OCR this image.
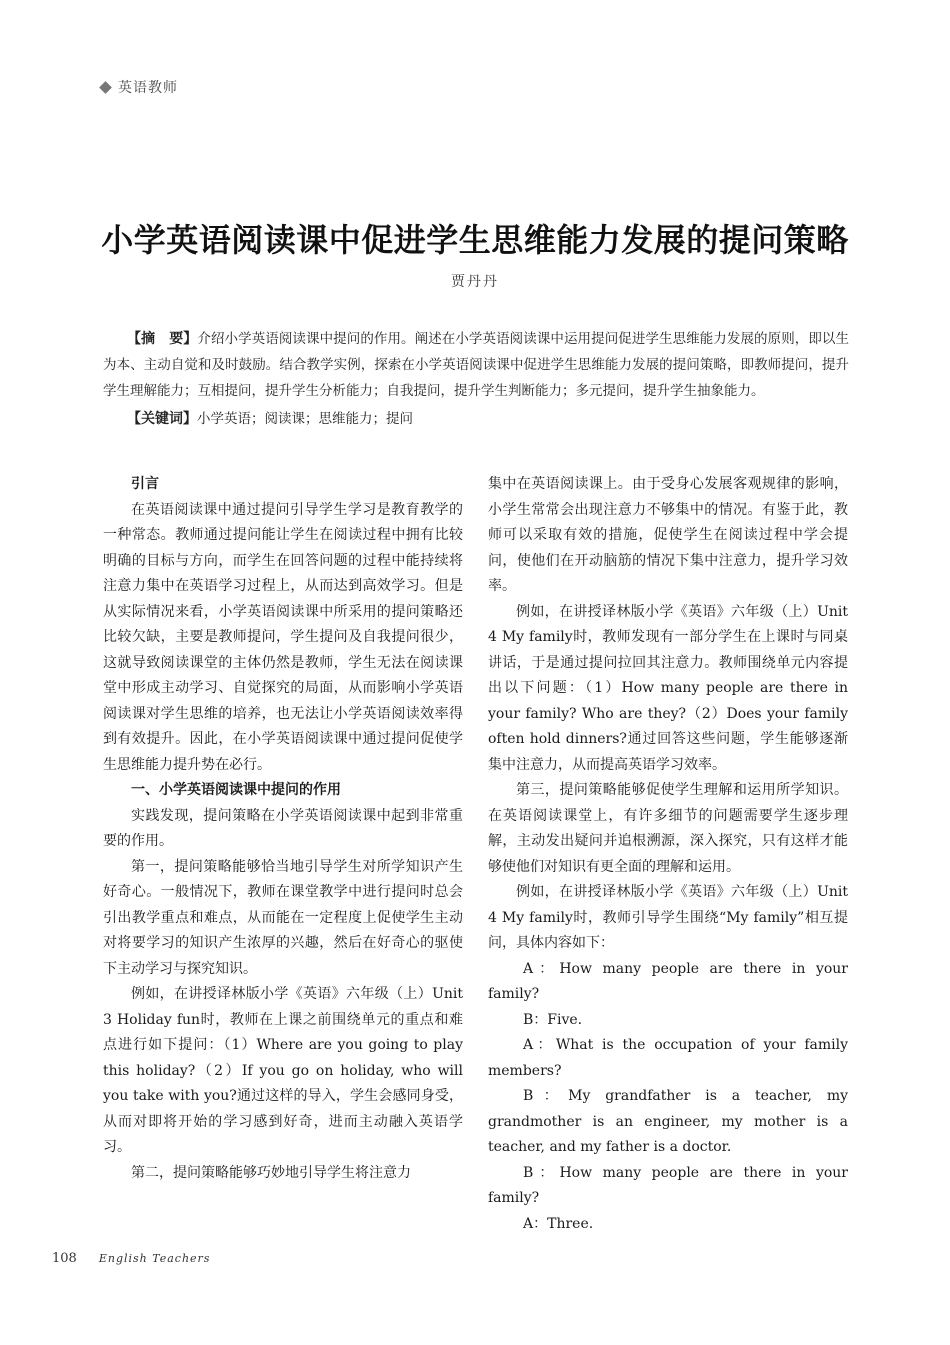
英语教师
小学英语阅读课中促进学生思维能力发展的提问策略
贾丹丹

【摘　要】介绍小学英语阅读课中提问的作用。阐述在小学英语阅读课中运用提问促进学生思维能力发展的原则，即以生为本、主动自觉和及时鼓励。结合教学实例，探索在小学英语阅读课中促进学生思维能力发展的提问策略，即教师提问，提升学生理解能力；互相提问，提升学生分析能力；自我提问，提升学生判断能力；多元提问，提升学生抽象能力。

【关键词】小学英语；阅读课；思维能力；提问

引言

在英语阅读课中通过提问引导学生学习是教育教学的一种常态。教师通过提问能让学生在阅读过程中拥有比较明确的目标与方向，而学生在回答问题的过程中能持续将注意力集中在英语学习过程上，从而达到高效学习。但是从实际情况来看，小学英语阅读课中所采用的提问策略还比较欠缺，主要是教师提问，学生提问及自我提问很少，这就导致阅读课堂的主体仍然是教师，学生无法在阅读课堂中形成主动学习、自觉探究的局面，从而影响小学英语阅读课对学生思维的培养，也无法让小学英语阅读效率得到有效提升。因此，在小学英语阅读课中通过提问促使学生思维能力提升势在必行。

一、小学英语阅读课中提问的作用

实践发现，提问策略在小学英语阅读课中起到非常重要的作用。

第一，提问策略能够恰当地引导学生对所学知识产生好奇心。一般情况下，教师在课堂教学中进行提问时总会引出教学重点和难点，从而能在一定程度上促使学生主动对将要学习的知识产生浓厚的兴趣，然后在好奇心的驱使下主动学习与探究知识。

例如，在讲授译林版小学《英语》六年级（上）Unit 3 Holiday fun时，教师在上课之前围绕单元的重点和难点进行如下提问：（1）Where are you going to play this holiday?（2）If you go on holiday, who will you take with you?通过这样的导入，学生会感同身受，从而对即将开始的学习感到好奇，进而主动融入英语学习。

第二，提问策略能够巧妙地引导学生将注意力

集中在英语阅读课上。由于受身心发展客观规律的影响，小学生常常会出现注意力不够集中的情况。有鉴于此，教师可以采取有效的措施，促使学生在阅读过程中学会提问，使他们在开动脑筋的情况下集中注意力，提升学习效率。

例如，在讲授译林版小学《英语》六年级（上）Unit 4 My family时，教师发现有一部分学生在上课时与同桌讲话，于是通过提问拉回其注意力。教师围绕单元内容提出以下问题：（1）How many people are there in your family? Who are they?（2）Does your family often hold dinners?通过回答这些问题，学生能够逐渐集中注意力，从而提高英语学习效率。

第三，提问策略能够促使学生理解和运用所学知识。在英语阅读课堂上，有许多细节的问题需要学生逐步理解，主动发出疑问并追根溯源，深入探究，只有这样才能够使他们对知识有更全面的理解和运用。

例如，在讲授译林版小学《英语》六年级（上）Unit 4 My family时，教师引导学生围绕“My family”相互提问，具体内容如下：

A：How many people are there in your family?

B：Five.

A：What is the occupation of your family members?

B：My grandfather is a teacher, my grandmother is an engineer, my mother is a teacher, and my father is a doctor.

B：How many people are there in your family?

A：Three.

108 English Teachers
